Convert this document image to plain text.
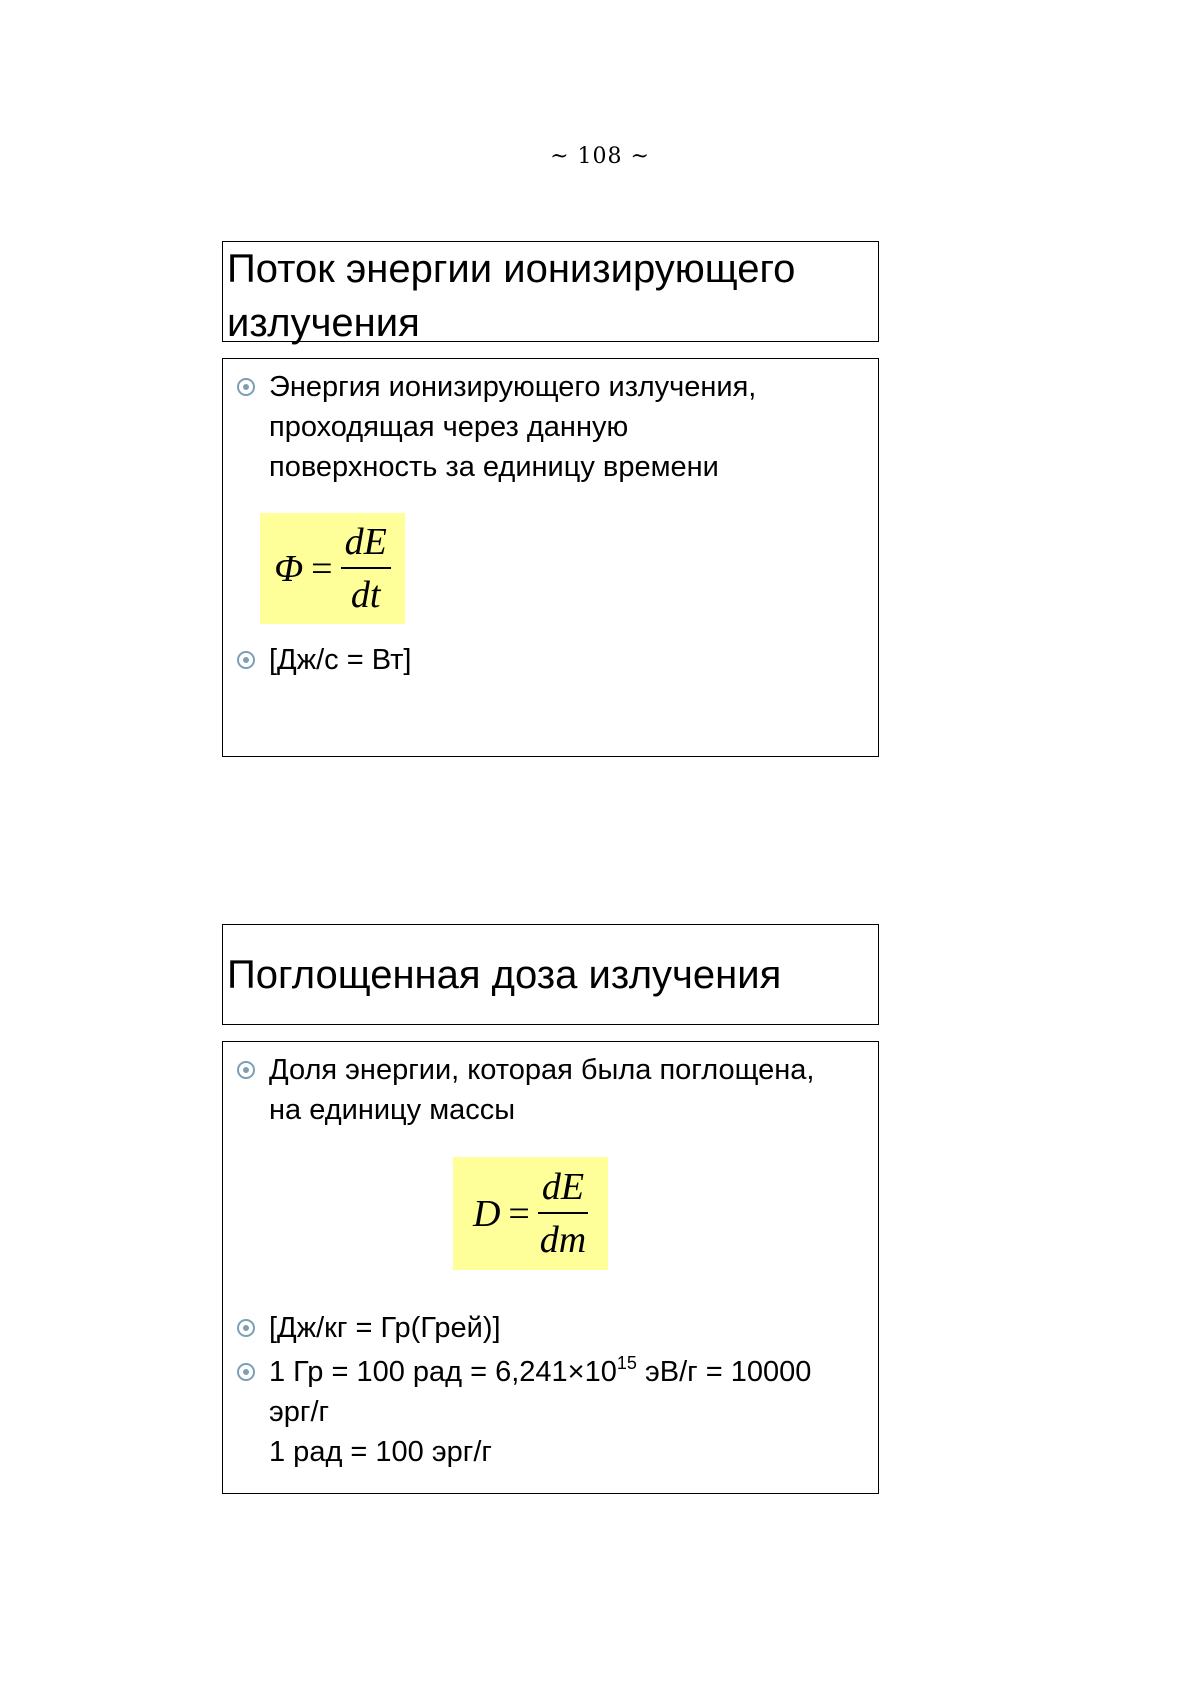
~ 108 ~
Поток энергии ионизирующего
излучения
Энергия ионизирующего излучения,
проходящая через данную
поверхность за единицу времени
$\Phi = \frac{dE}{dt}$
[Дж/с = Вт]
Поглощенная доза излучения
Доля энергии, которая была поглощена,
на единицу массы
$D = \frac{dE}{dm}$
[Дж/кг = Гр(Грей)]
1 Гр = 100 рад = $6,241\times 10^{15}$ эВ/г = 10000
эрг/г
1 рад = 100 эрг/г
